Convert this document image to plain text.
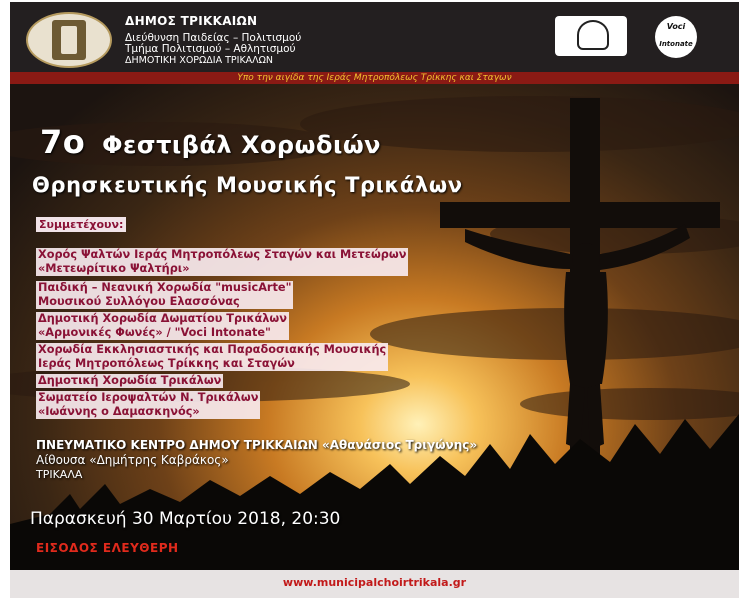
ΔΗΜΟΣ ΤΡΙΚΚΑΙΩΝ
Διεύθυνση Παιδείας – Πολιτισμού
Τμήμα Πολιτισμού – Αθλητισμού
ΔΗΜΟΤΙΚΗ ΧΟΡΩΔΙΑ ΤΡΙΚΑΛΩΝ
Voci
Intonate
Υπο την αιγίδα της Ιεράς Μητροπόλεως Τρίκκης και Σταγων
7ο Φεστιβάλ Χορωδιών
Θρησκευτικής Μουσικής Τρικάλων
Συμμετέχουν:
Χορός Ψαλτών Ιεράς Μητροπόλεως Σταγών και Μετεώρων
«Μετεωρίτικο Ψαλτήρι»
Παιδική – Νεανική Χορωδία "musicArte"
Μουσικού Συλλόγου Ελασσόνας
Δημοτική Χορωδία Δωματίου Τρικάλων
«Αρμονικές Φωνές» / "Voci Intonate"
Χορωδία Εκκλησιαστικής και Παραδοσιακής Μουσικής
Ιεράς Μητροπόλεως Τρίκκης και Σταγών
Δημοτική Χορωδία Τρικάλων
Σωματείο Ιεροψαλτών Ν. Τρικάλων
«Ιωάννης ο Δαμασκηνός»
ΠΝΕΥΜΑΤΙΚΟ ΚΕΝΤΡΟ ΔΗΜΟΥ ΤΡΙΚΚΑΙΩΝ «Αθανάσιος Τριγώνης»
Αίθουσα «Δημήτρης Καβράκος»
ΤΡΙΚΑΛΑ
Παρασκευή 30 Μαρτίου 2018, 20:30
ΕΙΣΟΔΟΣ ΕΛΕΥΘΕΡΗ
www.municipalchoirtrikala.gr
